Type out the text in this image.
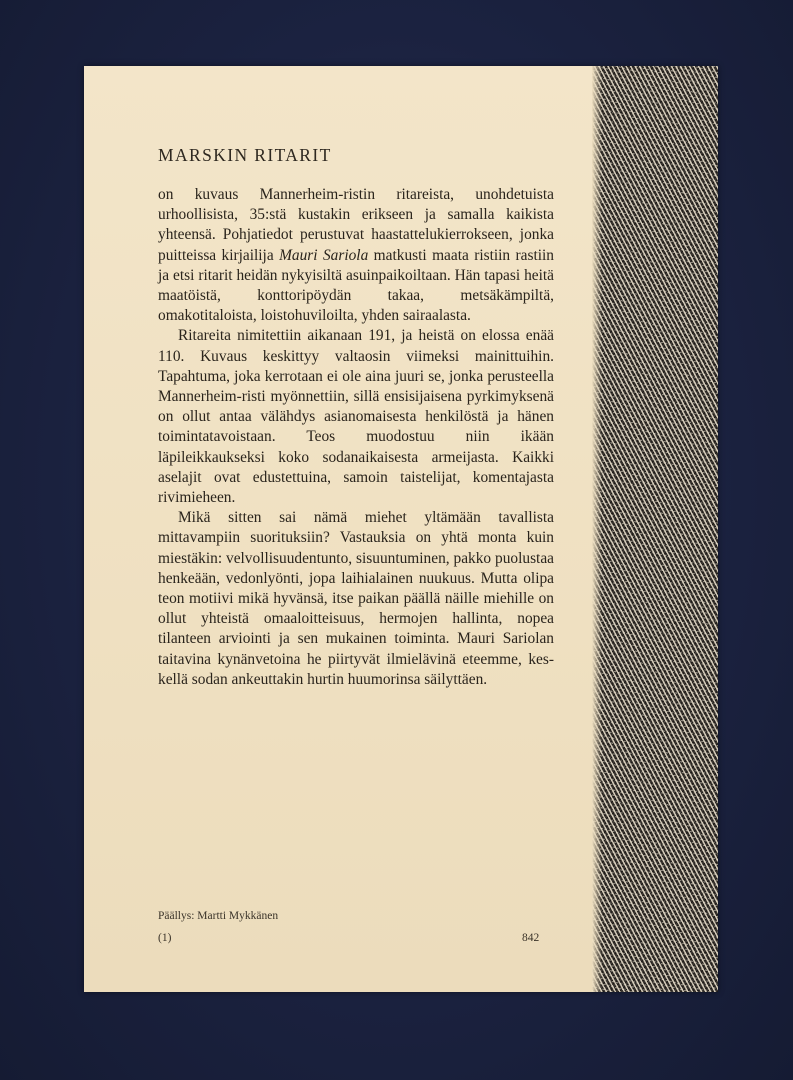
MARSKIN RITARIT

on kuvaus Mannerheim-ristin ritareista, unohdetuista urhoollisista, 35:stä kustakin erikseen ja samalla kaikista yhteensä. Pohjatiedot perustuvat haastattelukierrokseen, jonka puitteissa kirjailija Mauri Sariola matkusti maata ristiin rastiin ja etsi ritarit heidän nykyisiltä asuinpaikoiltaan. Hän tapasi heitä maatöistä, konttoripöydän takaa, metsäkämpiltä, omakotitaloista, loistohuviloilta, yhden sairaalasta.

Ritareita nimitettiin aikanaan 191, ja heistä on elossa enää 110. Kuvaus keskittyy valtaosin viimeksi mainittuihin. Tapahtuma, joka kerrotaan ei ole aina juuri se, jonka perusteella Mannerheim-risti myönnettiin, sillä ensisijaisena pyrkimyksenä on ollut antaa välähdys asianomaisesta henkilöstä ja hänen toimintatavoistaan. Teos muodostuu niin ikään läpileikkaukseksi koko sodanaikaisesta armeijasta. Kaikki aselajit ovat edustettuina, samoin taistelijat, komentajasta rivimieheen.

Mikä sitten sai nämä miehet yltämään tavallista mittavampiin suorituksiin? Vastauksia on yhtä monta kuin miestäkin: velvollisuudentunto, sisuuntuminen, pakko puolustaa henkeään, vedonlyönti, jopa laihialainen nuukuus. Mutta olipa teon motiivi mikä hyvänsä, itse paikan päällä näille miehille on ollut yhteistä omaaloitteisuus, hermojen hallinta, nopea tilanteen arviointi ja sen mukainen toiminta. Mauri Sariolan taitavina kynänvetoina he piirtyvät ilmielävinä eteemme, keskellä sodan ankeuttakin hurtin huumorinsa säilyttäen.

Päällys: Martti Mykkänen
(1)	842
